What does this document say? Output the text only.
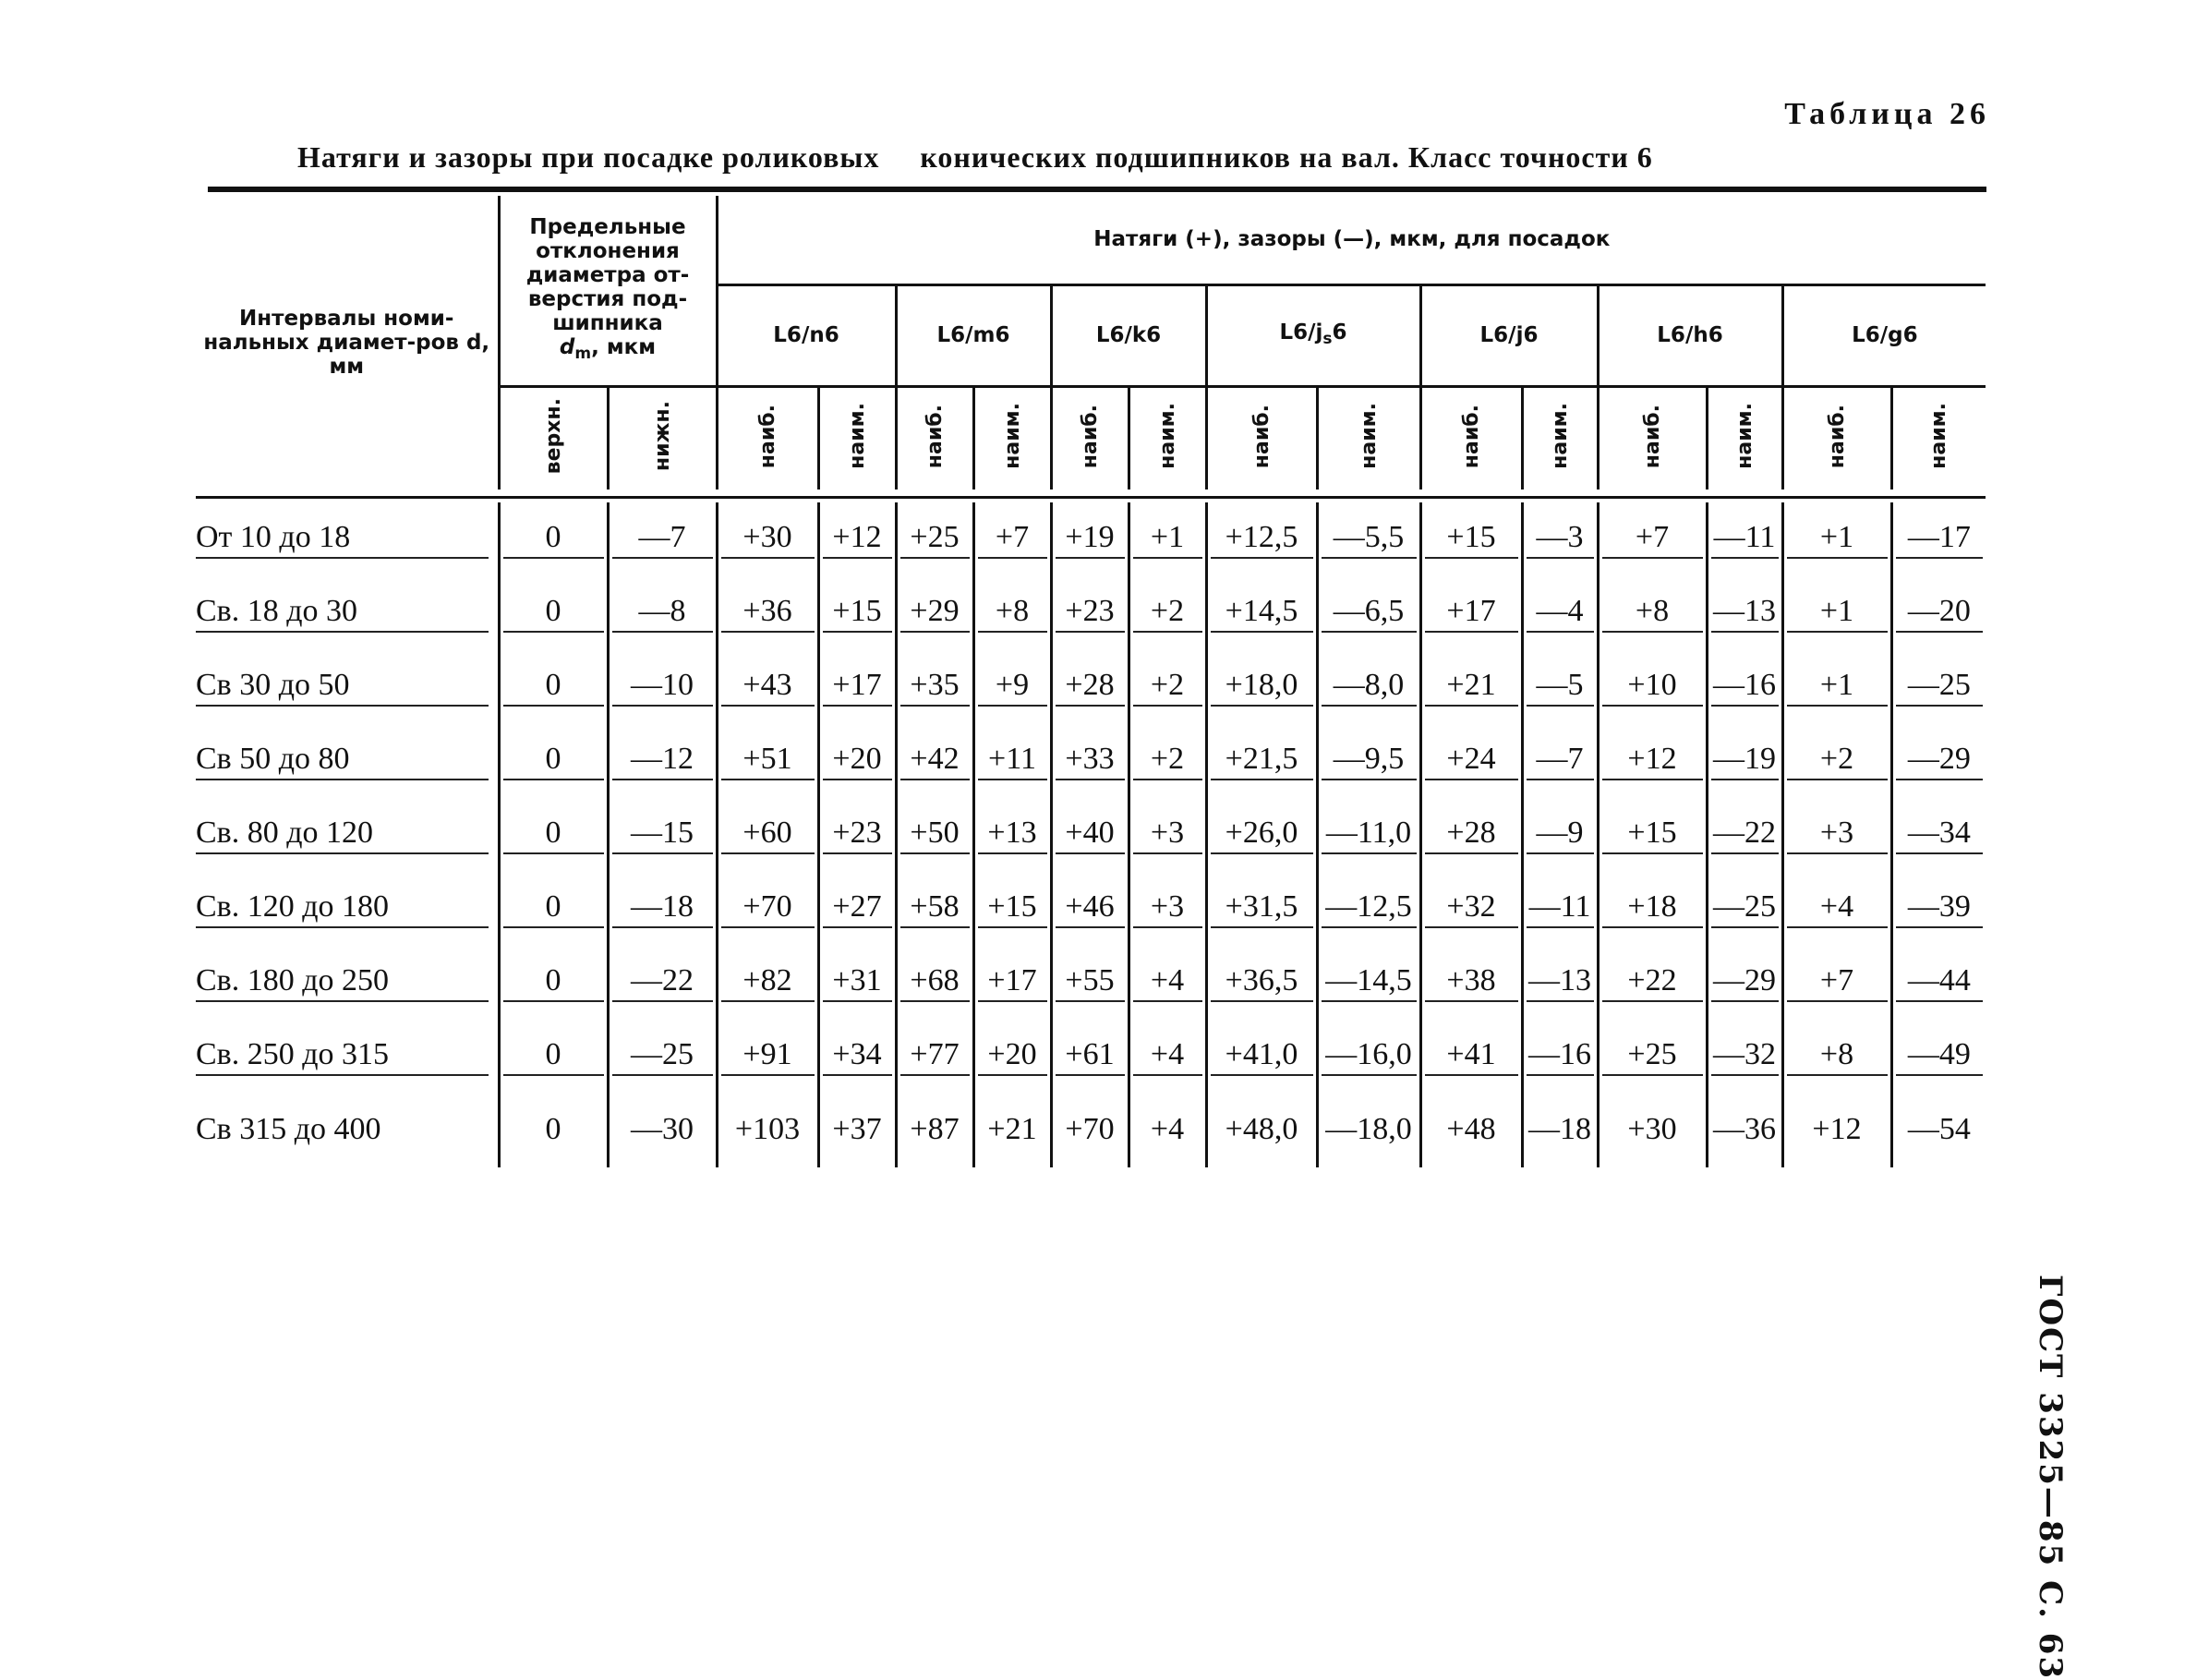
Таблица 26
Натяги и зазоры при посадке роликовых конических подшипников на вал. Класс точности 6
Интервалы номи-нальных диамет-ров d, мм	Предельные отклонения диаметра от-верстия под-шипника
$d_m$, мкм		Натяги (+), зазоры (—), мкм, для посадок													
			L6/n6		L6/m6		L6/k6		$L6/j_s6$		L6/j6		L6/h6		L6/g6	
	верхн.	нижн.	наиб.	наим.	наиб.	наим.	наиб.	наим.	наиб.	наим.	наиб.	наим.	наиб.	наим.	наиб.	наим.

От 10 до 18	0	—7	+30	+12	+25	+7	+19	+1	+12,5	—5,5	+15	—3	+7	—11	+1	—17

Св. 18 до 30	0	—8	+36	+15	+29	+8	+23	+2	+14,5	—6,5	+17	—4	+8	—13	+1	—20

Св 30 до 50	0	—10	+43	+17	+35	+9	+28	+2	+18,0	—8,0	+21	—5	+10	—16	+1	—25

Св 50 до 80	0	—12	+51	+20	+42	+11	+33	+2	+21,5	—9,5	+24	—7	+12	—19	+2	—29

Св. 80 до 120	0	—15	+60	+23	+50	+13	+40	+3	+26,0	—11,0	+28	—9	+15	—22	+3	—34

Св. 120 до 180	0	—18	+70	+27	+58	+15	+46	+3	+31,5	—12,5	+32	—11	+18	—25	+4	—39

Св. 180 до 250	0	—22	+82	+31	+68	+17	+55	+4	+36,5	—14,5	+38	—13	+22	—29	+7	—44

Св. 250 до 315	0	—25	+91	+34	+77	+20	+61	+4	+41,0	—16,0	+41	—16	+25	—32	+8	—49

Св 315 до 400	0	—30	+103	+37	+87	+21	+70	+4	+48,0	—18,0	+48	—18	+30	—36	+12	—54
ГОСТ 3325—85 С. 63
